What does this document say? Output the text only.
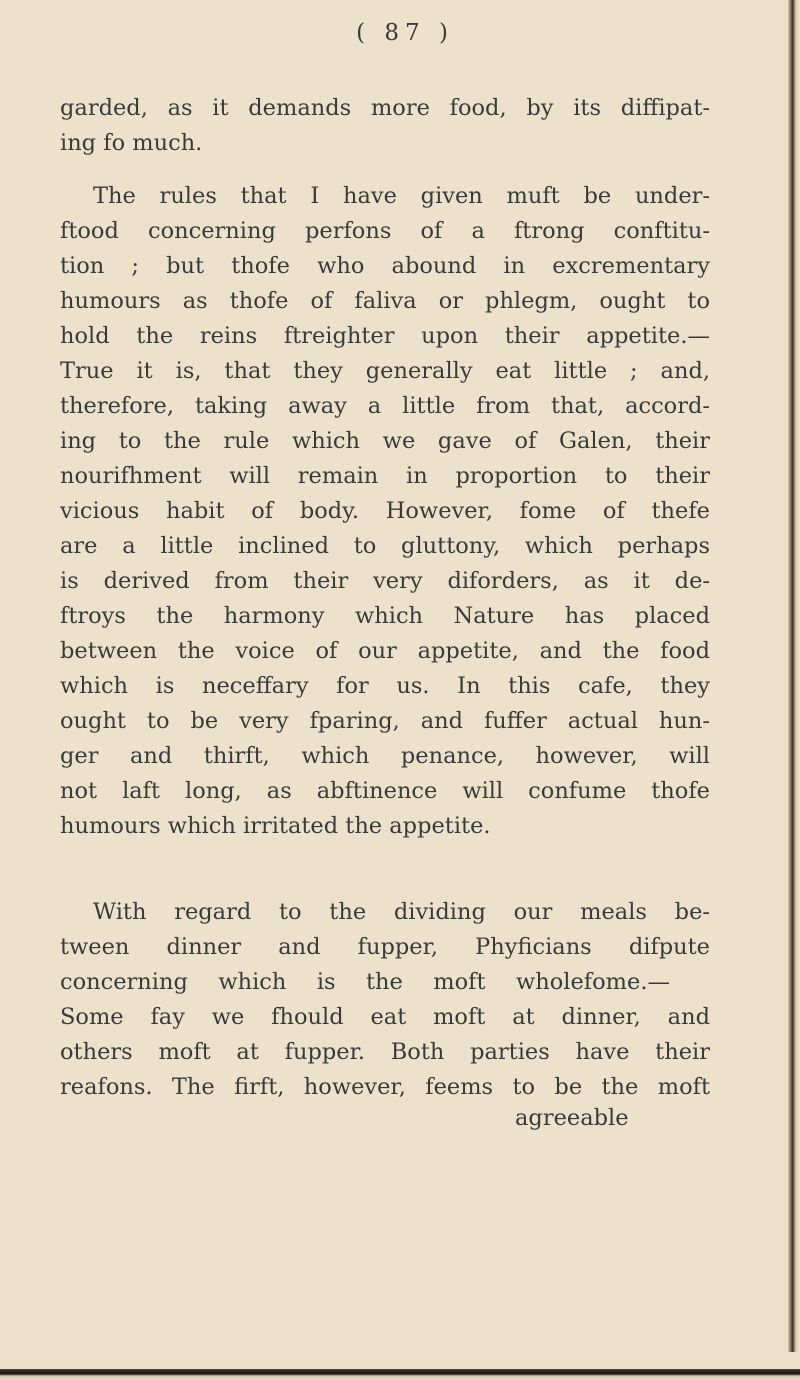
( 87 )
garded, as it demands more food, by its diffipat-
ing fo much.
The rules that I have given muft be under-
ftood concerning perfons of a ftrong conftitu-
tion ; but thofe who abound in excrementary
humours as thofe of faliva or phlegm, ought to
hold the reins ftreighter upon their appetite.—
True it is, that they generally eat little ; and,
therefore, taking away a little from that, accord-
ing to the rule which we gave of Galen, their
nourifhment will remain in proportion to their
vicious habit of body. However, fome of thefe
are a little inclined to gluttony, which perhaps
is derived from their very diforders, as it de-
ftroys the harmony which Nature has placed
between the voice of our appetite, and the food
which is neceffary for us. In this cafe, they
ought to be very fparing, and fuffer actual hun-
ger and thirft, which penance, however, will
not laft long, as abftinence will confume thofe
humours which irritated the appetite.
With regard to the dividing our meals be-
tween dinner and fupper, Phyficians difpute
concerning which is the moft wholefome.—
Some fay we fhould eat moft at dinner, and
others moft at fupper. Both parties have their
reafons. The firft, however, feems to be the moft
agreeable
